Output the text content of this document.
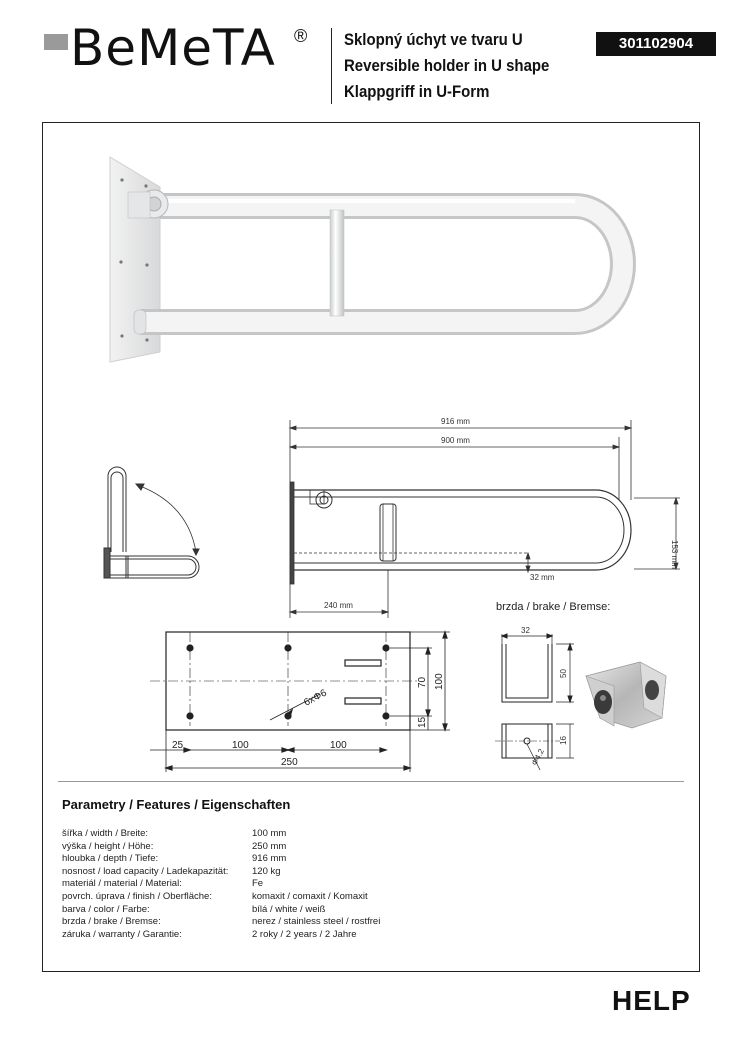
BeMeTA ® Sklopný úchyt ve tvaru U
Reversible holder in U shape
Klappgriff in U-Form
301102904
916 mm
900 mm
32 mm
240 mm
153 mm
25	100	100
250
70 100
15
6xΦ6
32
50
16
Φ4.2
brzda / brake / Bremse:
Parametry / Features / Eigenschaften
šířka / width / Breite:	100 mm
výška / height / Höhe:	250 mm
hloubka / depth / Tiefe:	916 mm
nosnost / load capacity / Ladekapazität:	120 kg
materiál / material / Material:	Fe
povrch. úprava / finish / Oberfläche:	komaxit / comaxit / Komaxit
barva / color / Farbe:	bílá / white / weiß
brzda / brake / Bremse:	nerez / stainless steel / rostfrei
záruka / warranty / Garantie:	2 roky / 2 years / 2 Jahre
HELP
